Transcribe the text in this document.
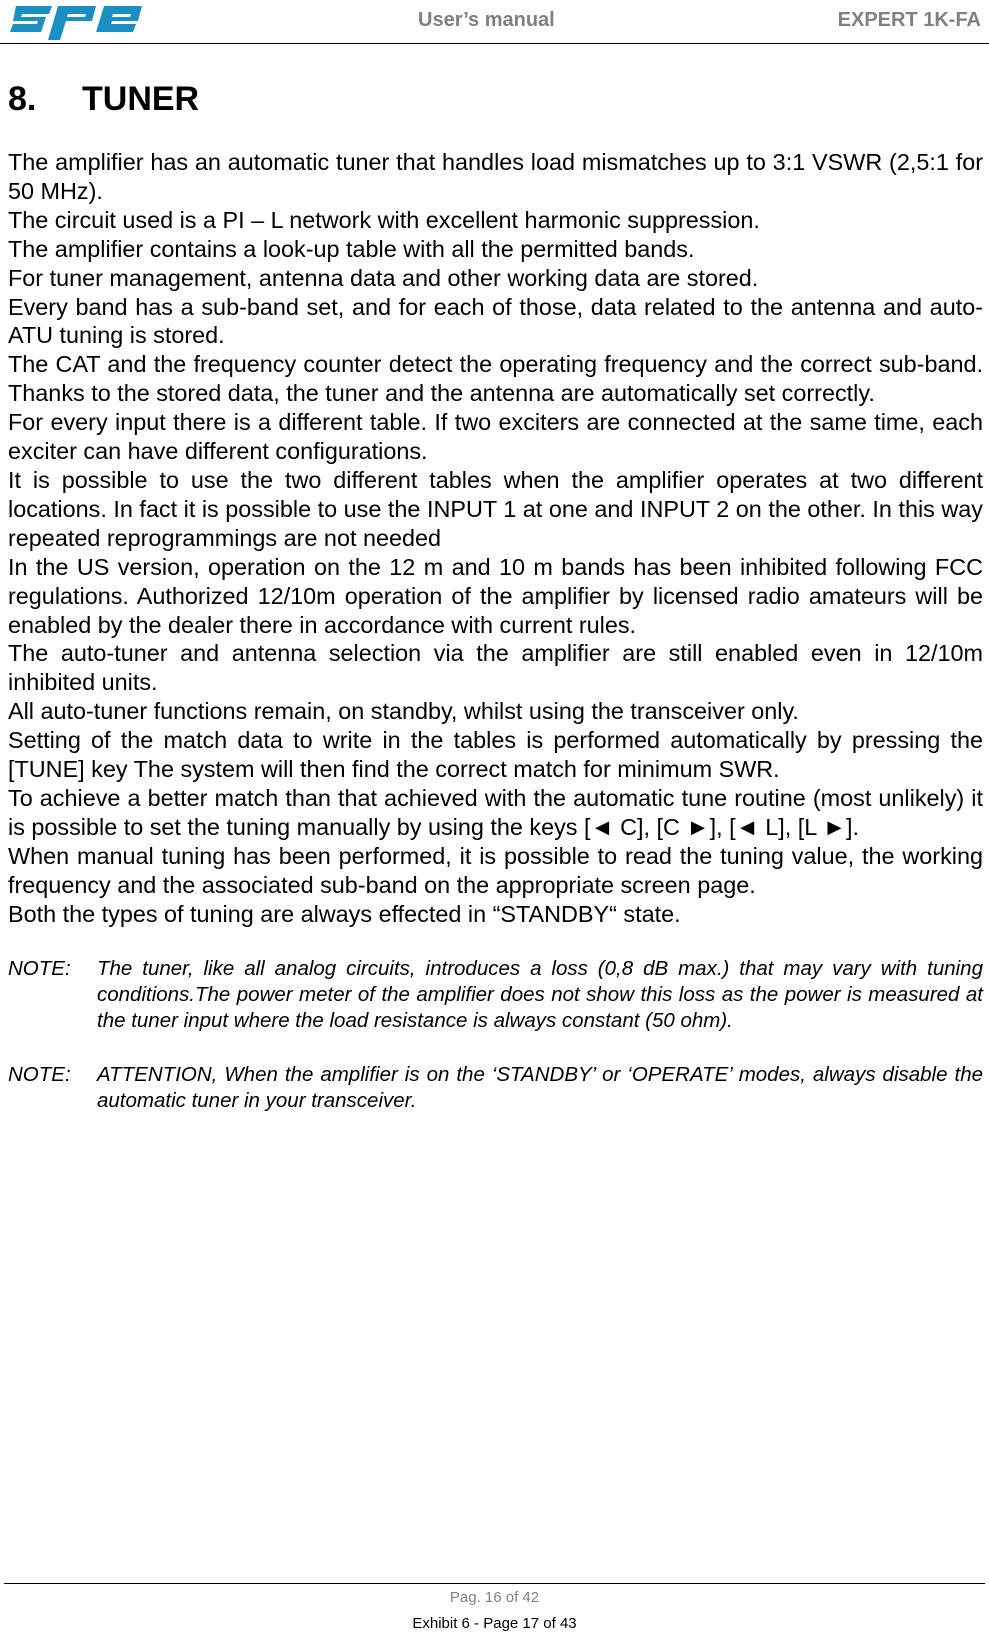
User’s manual	EXPERT 1K-FA
8. TUNER

The amplifier has an automatic tuner that handles load mismatches up to 3:1 VSWR (2,5:1 for 50 MHz).

The circuit used is a PI – L network with excellent harmonic suppression.

The amplifier contains a look-up table with all the permitted bands.

For tuner management, antenna data and other working data are stored.

Every band has a sub-band set, and for each of those, data related to the antenna and auto-ATU tuning is stored.

The CAT and the frequency counter detect the operating frequency and the correct sub-band. Thanks to the stored data, the tuner and the antenna are automatically set correctly.

For every input there is a different table. If two exciters are connected at the same time, each exciter can have different configurations.

It is possible to use the two different tables when the amplifier operates at two different locations. In fact it is possible to use the INPUT 1 at one and INPUT 2 on the other. In this way repeated reprogrammings are not needed

In the US version, operation on the 12 m and 10 m bands has been inhibited following FCC regulations. Authorized 12/10m operation of the amplifier by licensed radio amateurs will be enabled by the dealer there in accordance with current rules.

The auto-tuner and antenna selection via the amplifier are still enabled even in 12/10m inhibited units.

All auto-tuner functions remain, on standby, whilst using the transceiver only.

Setting of the match data to write in the tables is performed automatically by pressing the [TUNE] key The system will then find the correct match for minimum SWR.

To achieve a better match than that achieved with the automatic tune routine (most unlikely) it is possible to set the tuning manually by using the keys [◄ C], [C ►], [◄ L], [L ►].

When manual tuning has been performed, it is possible to read the tuning value, the working frequency and the associated sub-band on the appropriate screen page.

Both the types of tuning are always effected in “STANDBY“ state.

NOTE: The tuner, like all analog circuits, introduces a loss (0,8 dB max.) that may vary with tuning conditions.The power meter of the amplifier does not show this loss as the power is measured at the tuner input where the load resistance is always constant (50 ohm).
NOTE: ATTENTION, When the amplifier is on the ‘STANDBY’ or ‘OPERATE’ modes, always disable the automatic tuner in your transceiver.
Pag. 16 of 42
Exhibit 6 - Page 17 of 43
